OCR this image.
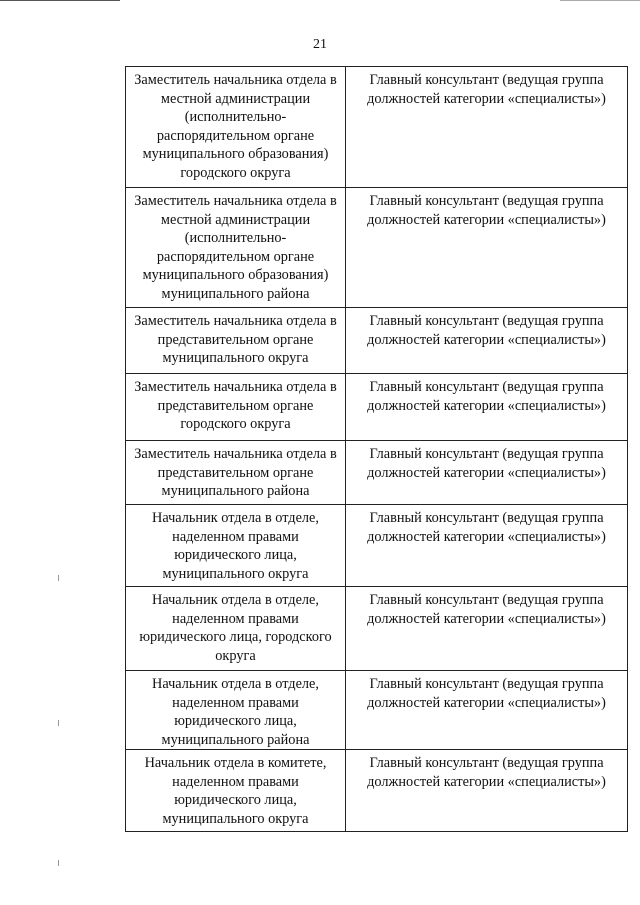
21
Заместитель начальника отдела в местной администрации (исполнительно-распорядительном органе муниципального образования) городского округа	Главный консультант (ведущая группа должностей категории «специалисты»)
Заместитель начальника отдела в местной администрации (исполнительно-распорядительном органе муниципального образования) муниципального района	Главный консультант (ведущая группа должностей категории «специалисты»)
Заместитель начальника отдела в представительном органе муниципального округа	Главный консультант (ведущая группа должностей категории «специалисты»)
Заместитель начальника отдела в представительном органе городского округа	Главный консультант (ведущая группа должностей категории «специалисты»)
Заместитель начальника отдела в представительном органе муниципального района	Главный консультант (ведущая группа должностей категории «специалисты»)
Начальник отдела в отделе, наделенном правами юридического лица, муниципального округа	Главный консультант (ведущая группа должностей категории «специалисты»)
Начальник отдела в отделе, наделенном правами юридического лица, городского округа	Главный консультант (ведущая группа должностей категории «специалисты»)
Начальник отдела в отделе, наделенном правами юридического лица, муниципального района	Главный консультант (ведущая группа должностей категории «специалисты»)
Начальник отдела в комитете, наделенном правами юридического лица, муниципального округа	Главный консультант (ведущая группа должностей категории «специалисты»)
